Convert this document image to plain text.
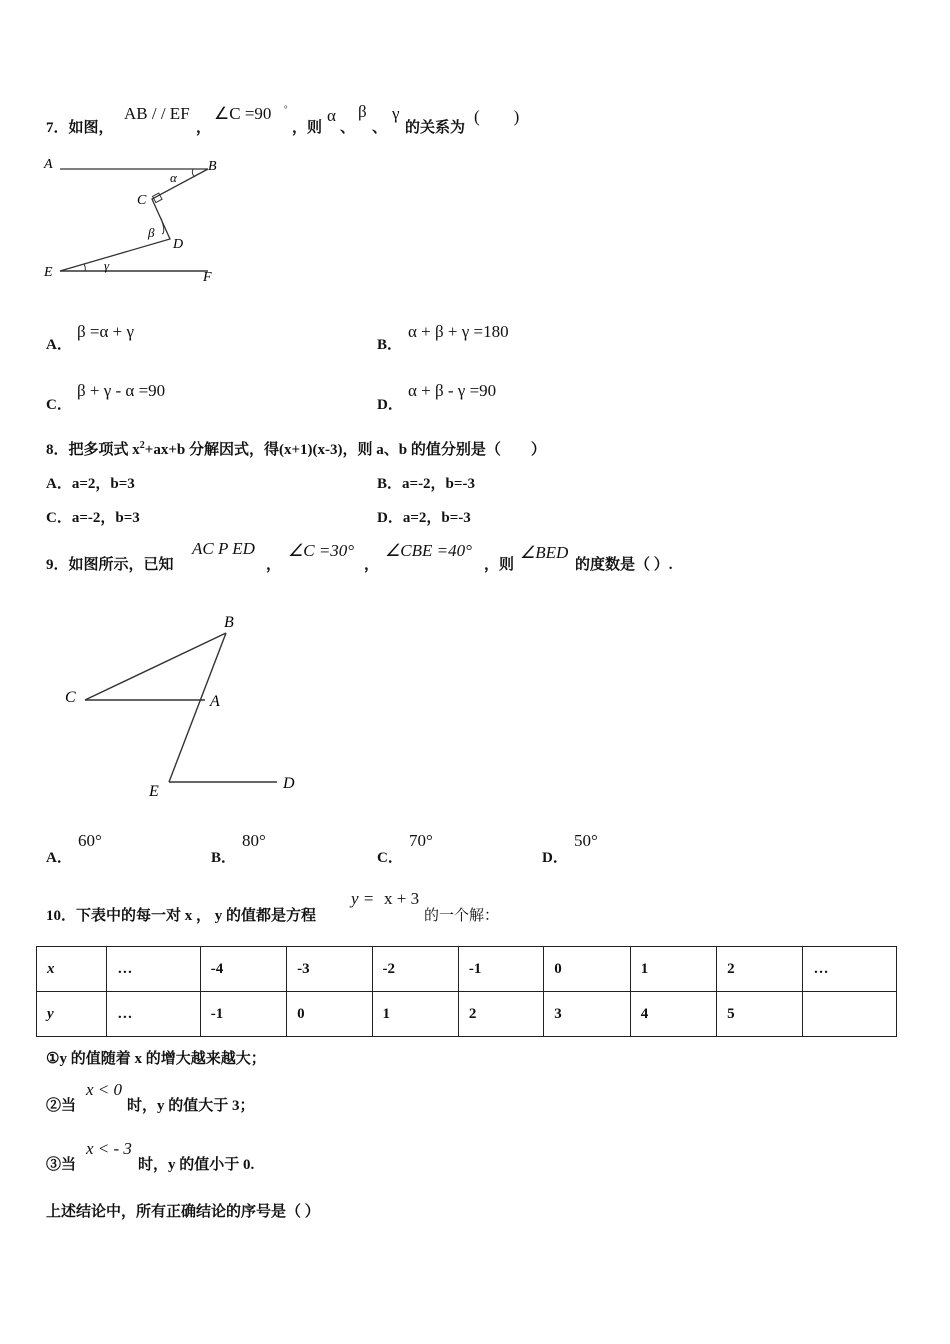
7．如图，
AB / / EF
，
∠C =90 °
，则
α
、
β
、
γ
的关系为
(　　)
A	B
C
D
E	F
α
β
γ
A．
β =α + γ
B．
α + β + γ =180
C．
β + γ - α =90
D．
α + β - γ =90
8．把多项式 $x^2+ax+b$ 分解因式，得(x+1)(x-3)，则 a、b 的值分别是（　　）
A．a=2，b=3	B．a=-2，b=-3
C．a=-2，b=3	D．a=2，b=-3
9．如图所示，已知
AC P ED
，
∠C =30°
，
∠CBE =40°
，则
∠BED
的度数是（ ）.
B
C	A
E	D
A．
60°
B．
80°
C．
70°
D．
50°
10．下表中的每一对 x ， y 的值都是方程
y = x + 3
的一个解：
x	…	-4	-3	-2	-1	0	1	2	…
y	…	-1	0	1	2	3	4	5	
①y 的值随着 x 的增大越来越大；
②当
x < 0
时，y 的值大于 3；
③当
x < - 3
时，y 的值小于 0.
上述结论中，所有正确结论的序号是（ ）
